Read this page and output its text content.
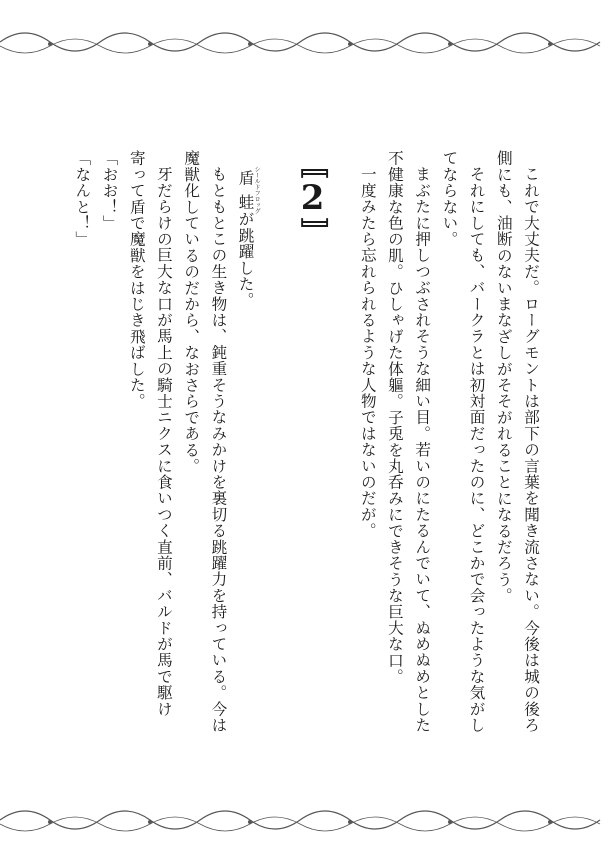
これで大丈夫だ。ローグモントは部下の言葉を聞き流さない。今後は城の後ろ
側にも、油断のないまなざしがそそがれることになるだろう。
それにしても、バークラとは初対面だったのに、どこかで会ったような気がし
てならない。
まぶたに押しつぶされそうな細い目。若いのにたるんでいて、ぬめぬめとした
不健康な色の肌。ひしゃげた体軀。子兎を丸呑みにできそうな巨大な口。
一度みたら忘れられるような人物ではないのだが。
〚2〛
盾蛙シールドフロッグが跳躍した。
もともとこの生き物は、鈍重そうなみかけを裏切る跳躍力を持っている。今は
魔獣化しているのだから、なおさらである。
牙だらけの巨大な口が馬上の騎士ニクスに食いつく直前、バルドが馬で駆け
寄って盾で魔獣をはじき飛ばした。
「おお！」
「なんと！」
